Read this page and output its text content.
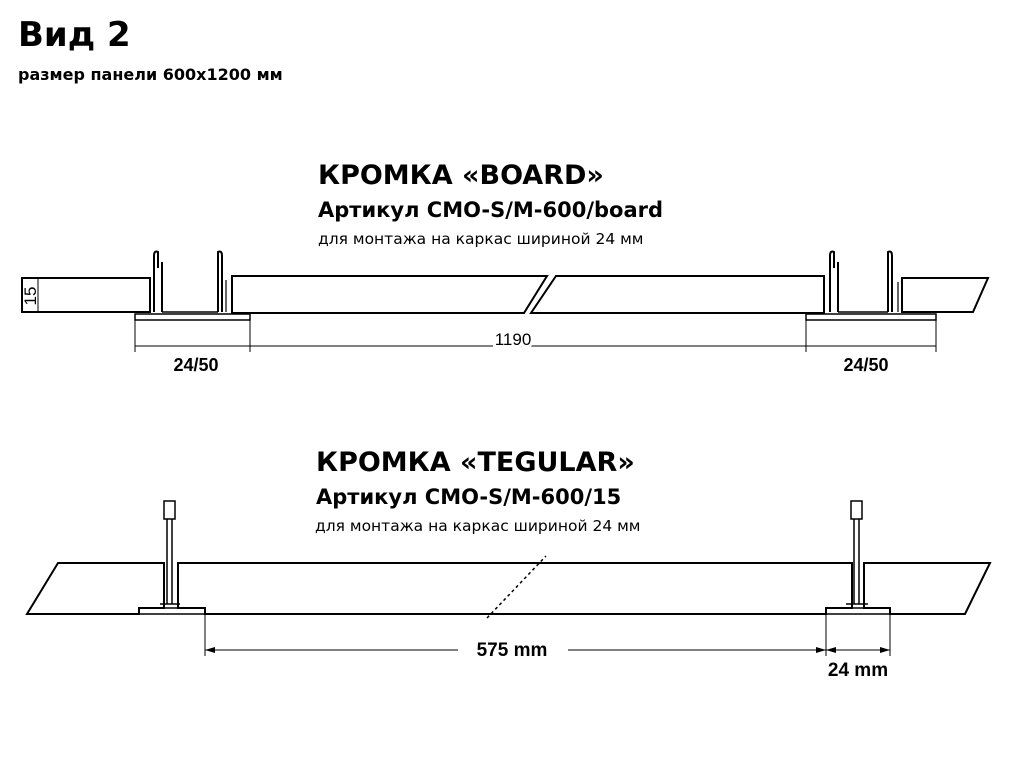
Вид 2
размер панели 600х1200 мм
КРОМКА «BOARD»
Артикул CMO-S/M-600/board
для монтажа на каркас шириной 24 мм
КРОМКА «TEGULAR»
Артикул CMO-S/M-600/15
для монтажа на каркас шириной 24 мм
15
24/50
1190
24/50
575 mm
24 mm
